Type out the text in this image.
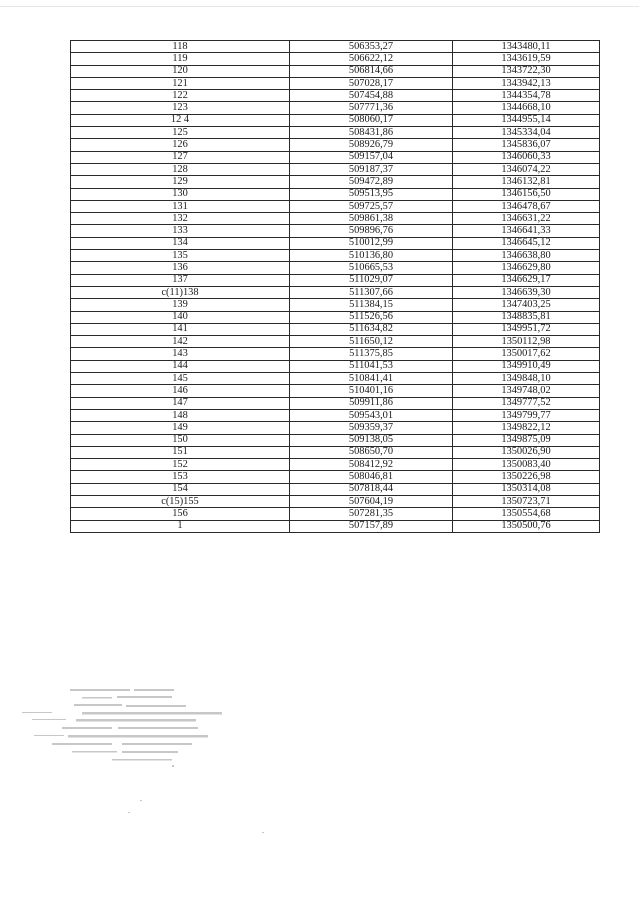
118	506353,27	1343480,11
119	506622,12	1343619,59
120	506814,66	1343722,30
121	507028,17	1343942,13
122	507454,88	1344354,78
123	507771,36	1344668,10
12 4	508060,17	1344955,14
125	508431,86	1345334,04
126	508926,79	1345836,07
127	509157,04	1346060,33
128	509187,37	1346074,22
129	509472,89	1346132,81
130	509513,95	1346156,50
131	509725,57	1346478,67
132	509861,38	1346631,22
133	509896,76	1346641,33
134	510012,99	1346645,12
135	510136,80	1346638,80
136	510665,53	1346629,80
137	511029,07	1346629,17
c(11)138	511307,66	1346639,30
139	511384,15	1347403,25
140	511526,56	1348835,81
141	511634,82	1349951,72
142	511650,12	1350112,98
143	511375,85	1350017,62
144	511041,53	1349910,49
145	510841,41	1349848,10
146	510401,16	1349748,02
147	509911,86	1349777,52
148	509543,01	1349799,77
149	509359,37	1349822,12
150	509138,05	1349875,09
151	508650,70	1350026,90
152	508412,92	1350083,40
153	508046,81	1350226,98
154	507818,44	1350314,08
c(15)155	507604,19	1350723,71
156	507281,35	1350554,68
1	507157,89	1350500,76
